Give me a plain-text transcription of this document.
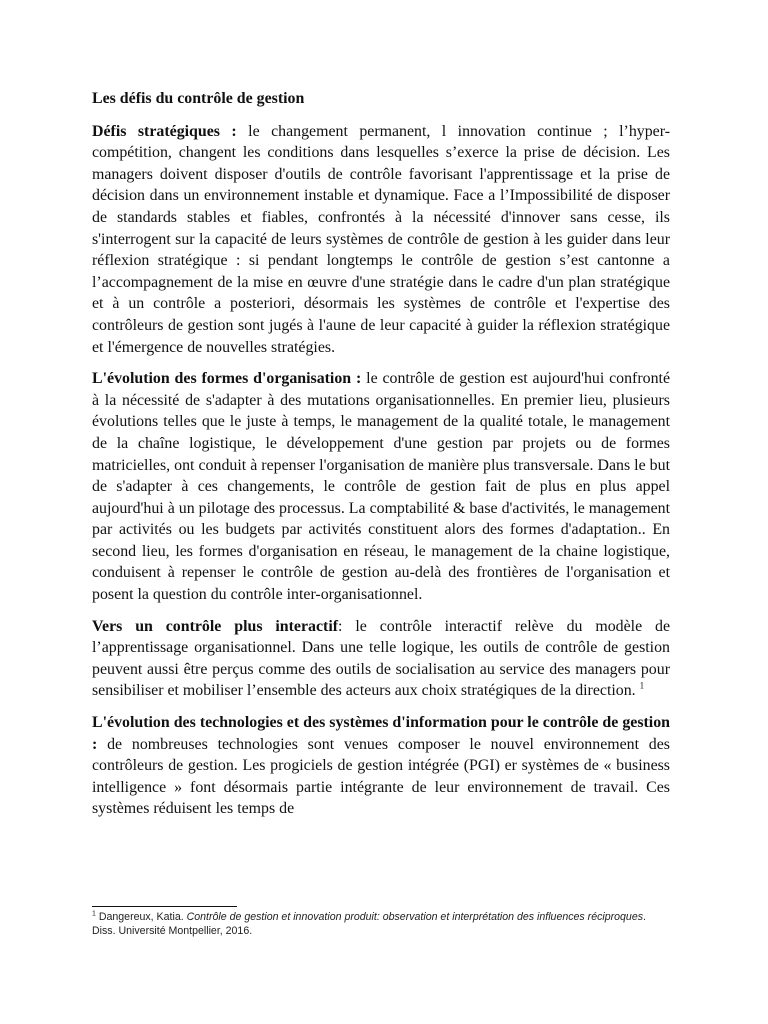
Les défis du contrôle de gestion

Défis stratégiques : le changement permanent, l innovation continue ; l’hyper-compétition, changent les conditions dans lesquelles s’exerce la prise de décision. Les managers doivent disposer d'outils de contrôle favorisant l'apprentissage et la prise de décision dans un environnement instable et dynamique. Face a l’Impossibilité de disposer de standards stables et fiables, confrontés à la nécessité d'innover sans cesse, ils s'interrogent sur la capacité de leurs systèmes de contrôle de gestion à les guider dans leur réflexion stratégique : si pendant longtemps le contrôle de gestion s’est cantonne a l’accompagnement de la mise en œuvre d'une stratégie dans le cadre d'un plan stratégique et à un contrôle a posteriori, désormais les systèmes de contrôle et l'expertise des contrôleurs de gestion sont jugés à l'aune de leur capacité à guider la réflexion stratégique et l'émergence de nouvelles stratégies.

L'évolution des formes d'organisation : le contrôle de gestion est aujourd'hui confronté à la nécessité de s'adapter à des mutations organisationnelles. En premier lieu, plusieurs évolutions telles que le juste à temps, le management de la qualité totale, le management de la chaîne logistique, le développement d'une gestion par projets ou de formes matricielles, ont conduit à repenser l'organisation de manière plus transversale. Dans le but de s'adapter à ces changements, le contrôle de gestion fait de plus en plus appel aujourd'hui à un pilotage des processus. La comptabilité & base d'activités, le management par activités ou les budgets par activités constituent alors des formes d'adaptation.. En second lieu, les formes d'organisation en réseau, le management de la chaine logistique, conduisent à repenser le contrôle de gestion au-delà des frontières de l'organisation et posent la question du contrôle inter-organisationnel.

Vers un contrôle plus interactif: le contrôle interactif relève du modèle de l’apprentissage organisationnel. Dans une telle logique, les outils de contrôle de gestion peuvent aussi être perçus comme des outils de socialisation au service des managers pour sensibiliser et mobiliser l’ensemble des acteurs aux choix stratégiques de la direction. $^1$

L'évolution des technologies et des systèmes d'information pour le contrôle de gestion : de nombreuses technologies sont venues composer le nouvel environnement des contrôleurs de gestion. Les progiciels de gestion intégrée (PGI) er systèmes de « business intelligence » font désormais partie intégrante de leur environnement de travail. Ces systèmes réduisent les temps de

$^1$ Dangereux, Katia. Contrôle de gestion et innovation produit: observation et interprétation des influences réciproques. Diss. Université Montpellier, 2016.
